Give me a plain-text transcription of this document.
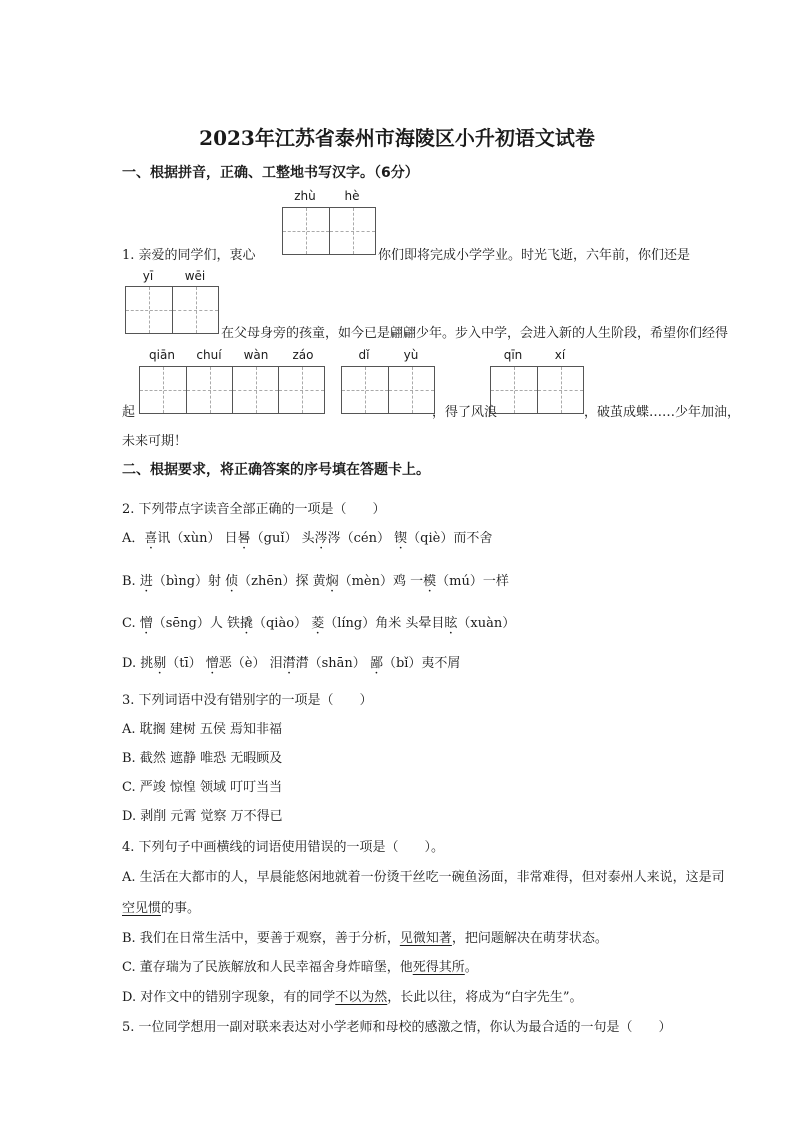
2023年江苏省泰州市海陵区小升初语文试卷
一、根据拼音，正确、工整地书写汉字。（6分）
zhù	hè
1. 亲爱的同学们，衷心	你们即将完成小学学业。时光飞逝，六年前，你们还是
yī	wēi
在父母身旁的孩童，如今已是翩翩少年。步入中学，会进入新的人生阶段，希望你们经得
qiān	chuí	wàn	záo	dǐ	yù	qīn	xí
起	，得了风浪	，破茧成蝶……少年加油，
未来可期！
二、根据要求，将正确答案的序号填在答题卡上。
2. 下列带点字读音全部正确的一项是（　　）
A．喜讯（xùn） 日晷（guǐ） 头涔涔（cén） 锲（qiè）而不舍
B. 进（bìng）射 侦（zhēn）探 黄焖（mèn）鸡 一模（mú）一样
C. 憎（sēng）人 铁撬（qiào） 菱（líng）角米 头晕目眩（xuàn）
D. 挑剔（tī） 憎恶（è） 泪潸潸（shān） 鄙（bǐ）夷不屑
3. 下列词语中没有错别字的一项是（　　）
A. 耽搁 建树 五侯 焉知非福
B. 截然 遮静 唯恐 无暇顾及
C. 严竣 惊惶 领域 叮叮当当
D. 剥削 元霄 觉察 万不得已
4. 下列句子中画横线的词语使用错误的一项是（　　）。
A. 生活在大都市的人，早晨能悠闲地就着一份烫干丝吃一碗鱼汤面，非常难得，但对泰州人来说，这是司
空见惯的事。
B. 我们在日常生活中，要善于观察，善于分析，见微知著，把问题解决在萌芽状态。
C. 董存瑞为了民族解放和人民幸福舍身炸暗堡，他死得其所。
D. 对作文中的错别字现象，有的同学不以为然，长此以往，将成为“白字先生”。
5. 一位同学想用一副对联来表达对小学老师和母校的感激之情，你认为最合适的一句是（　　）
